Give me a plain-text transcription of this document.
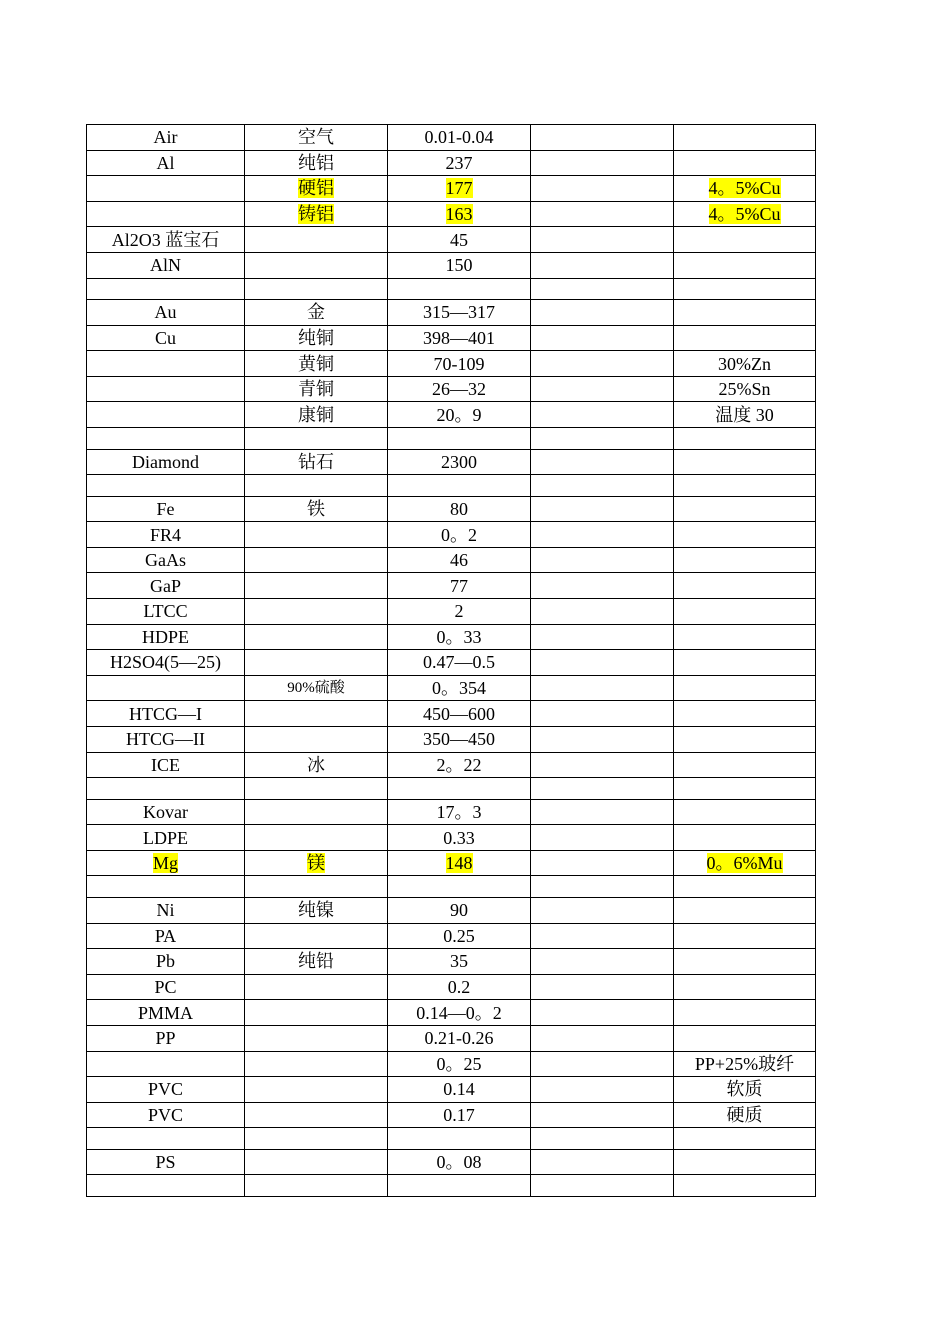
Air	空气	0.01-0.04		
Al	纯铝	237		
	硬铝	177		4。5%Cu
	铸铝	163		4。5%Cu
Al2O3 蓝宝石		45		
AlN		150		

Au	金	315—317		
Cu	纯铜	398—401		
	黄铜	70-109		30%Zn
	青铜	26—32		25%Sn
	康铜	20。9		温度 30

Diamond	钻石	2300		

Fe	铁	80		
FR4		0。2		
GaAs		46		
GaP		77		
LTCC		2		
HDPE		0。33		
H2SO4(5—25)		0.47—0.5		
	90%硫酸	0。354		
HTCG—I		450—600		
HTCG—II		350—450		
ICE	冰	2。22		

Kovar		17。3		
LDPE		0.33		
Mg	镁	148		0。6%Mu

Ni	纯镍	90		
PA		0.25		
Pb	纯铅	35		
PC		0.2		
PMMA		0.14—0。2		
PP		0.21-0.26		
		0。25		PP+25%玻纤
PVC		0.14		软质
PVC		0.17		硬质

PS		0。08		
